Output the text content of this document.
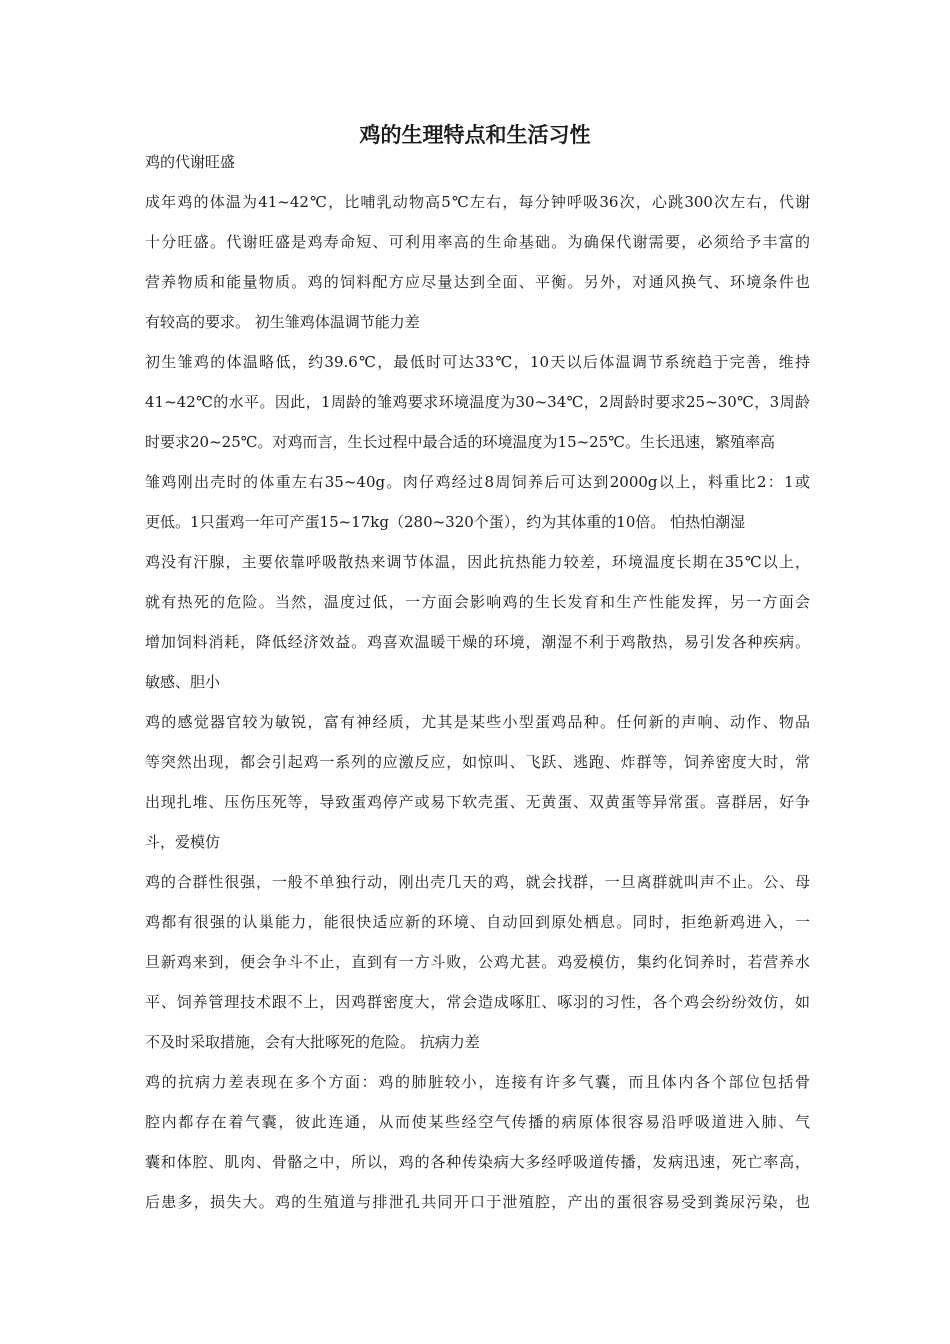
鸡的生理特点和生活习性
鸡的代谢旺盛
成年鸡的体温为41~42℃，比哺乳动物高5℃左右，每分钟呼吸36次，心跳300次左右，代谢
十分旺盛。代谢旺盛是鸡寿命短、可利用率高的生命基础。为确保代谢需要，必须给予丰富的
营养物质和能量物质。鸡的饲料配方应尽量达到全面、平衡。另外，对通风换气、环境条件也
有较高的要求。 初生雏鸡体温调节能力差
初生雏鸡的体温略低，约39.6℃，最低时可达33℃，10天以后体温调节系统趋于完善，维持
41~42℃的水平。因此，1周龄的雏鸡要求环境温度为30~34℃，2周龄时要求25~30℃，3周龄
时要求20~25℃。对鸡而言，生长过程中最合适的环境温度为15~25℃。生长迅速，繁殖率高
雏鸡刚出壳时的体重左右35~40g。肉仔鸡经过8周饲养后可达到2000g以上，料重比2：1或
更低。1只蛋鸡一年可产蛋15~17kg（280~320个蛋），约为其体重的10倍。 怕热怕潮湿
鸡没有汗腺，主要依靠呼吸散热来调节体温，因此抗热能力较差，环境温度长期在35℃以上，
就有热死的危险。当然，温度过低，一方面会影响鸡的生长发育和生产性能发挥，另一方面会
增加饲料消耗，降低经济效益。鸡喜欢温暖干燥的环境，潮湿不利于鸡散热，易引发各种疾病。
敏感、胆小
鸡的感觉器官较为敏锐，富有神经质，尤其是某些小型蛋鸡品种。任何新的声响、动作、物品
等突然出现，都会引起鸡一系列的应激反应，如惊叫、飞跃、逃跑、炸群等，饲养密度大时，常
出现扎堆、压伤压死等，导致蛋鸡停产或易下软壳蛋、无黄蛋、双黄蛋等异常蛋。喜群居，好争
斗，爱模仿
鸡的合群性很强，一般不单独行动，刚出壳几天的鸡，就会找群，一旦离群就叫声不止。公、母
鸡都有很强的认巢能力，能很快适应新的环境、自动回到原处栖息。同时，拒绝新鸡进入，一
旦新鸡来到，便会争斗不止，直到有一方斗败，公鸡尤甚。鸡爱模仿，集约化饲养时，若营养水
平、饲养管理技术跟不上，因鸡群密度大，常会造成啄肛、啄羽的习性，各个鸡会纷纷效仿，如
不及时采取措施，会有大批啄死的危险。 抗病力差
鸡的抗病力差表现在多个方面：鸡的肺脏较小，连接有许多气囊，而且体内各个部位包括骨
腔内都存在着气囊，彼此连通，从而使某些经空气传播的病原体很容易沿呼吸道进入肺、气
囊和体腔、肌肉、骨骼之中，所以，鸡的各种传染病大多经呼吸道传播，发病迅速，死亡率高，
后患多，损失大。鸡的生殖道与排泄孔共同开口于泄殖腔，产出的蛋很容易受到粪尿污染，也
